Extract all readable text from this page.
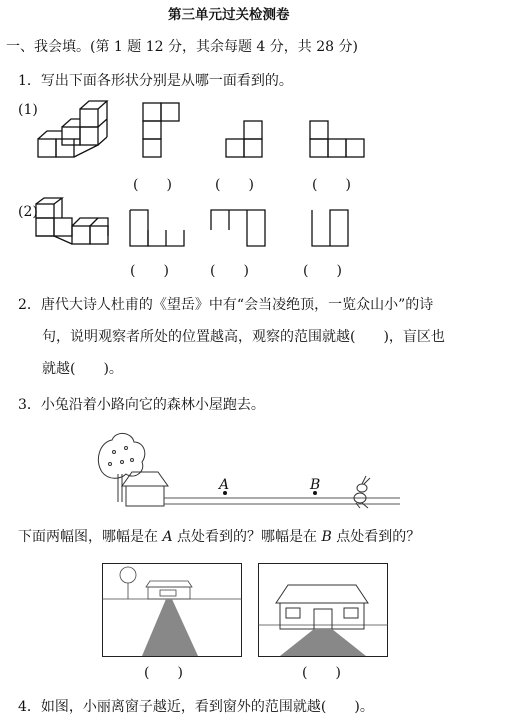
第三单元过关检测卷
一、我会填。(第 1 题 12 分，其余每题 4 分，共 28 分)
1．写出下面各形状分别是从哪一面看到的。
(1)
(　　)	(　　)	(　　)
(2)
(　　)	(　　)	(　　)
2．唐代大诗人杜甫的《望岳》中有“会当凌绝顶，一览众山小”的诗
句，说明观察者所处的位置越高，观察的范围就越(　　)，盲区也
就越(　　)。
3．小兔沿着小路向它的森林小屋跑去。
A	B
下面两幅图，哪幅是在 A 点处看到的？哪幅是在 B 点处看到的？
(　　)	(　　)
4．如图，小丽离窗子越近，看到窗外的范围就越(　　)。
